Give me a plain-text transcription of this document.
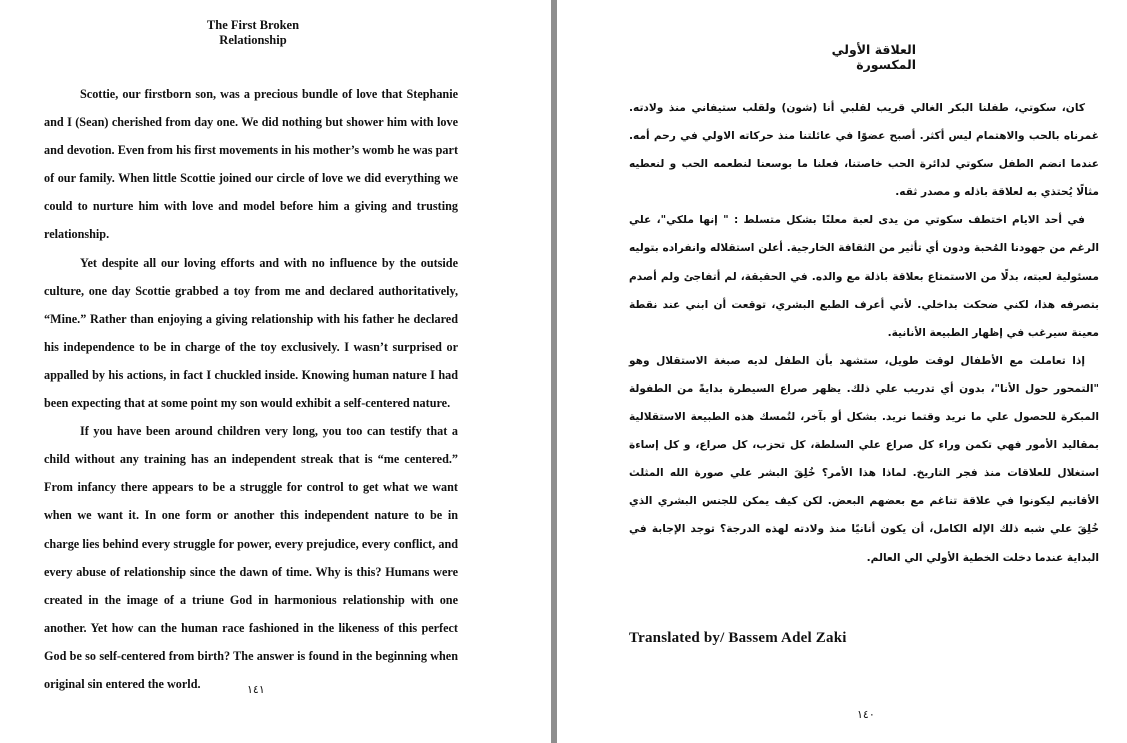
The First Broken
Relationship

Scottie, our firstborn son, was a precious bundle of love that Stephanie and I (Sean) cherished from day one. We did nothing but shower him with love and devotion. Even from his first movements in his mother’s womb he was part of our family. When little Scottie joined our circle of love we did everything we could to nurture him with love and model before him a giving and trusting relationship.

Yet despite all our loving efforts and with no influence by the outside culture, one day Scottie grabbed a toy from me and declared authoritatively, “Mine.” Rather than enjoying a giving relationship with his father he declared his independence to be in charge of the toy exclusively. I wasn’t surprised or appalled by his actions, in fact I chuckled inside. Knowing human nature I had been expecting that at some point my son would exhibit a self-centered nature.

If you have been around children very long, you too can testify that a child without any training has an independent streak that is “me centered.” From infancy there appears to be a struggle for control to get what we want when we want it. In one form or another this independent nature to be in charge lies behind every struggle for power, every prejudice, every conflict, and every abuse of relationship since the dawn of time. Why is this? Humans were created in the image of a triune God in harmonious relationship with one another. Yet how can the human race fashioned in the likeness of this perfect God be so self-centered from birth? The answer is found in the beginning when original sin entered the world.	١٤١
العلاقة الأولي المكسورة

كان، سكوتي، طفلنا البكر الغالي قريب لقلبي أنا (شون) ولقلب ستيفاني منذ ولادته. غمرناه بالحب والاهتمام ليس أكثر. أصبح عضوًا في عائلتنا منذ حركاته الاولي في رحم أمه. عندما انضم الطفل سكوتي لدائرة الحب خاصتنا، فعلنا ما بوسعنا لنطعمه الحب و لنعطيه مثالًا يُحتذي به لعلاقة باذله و مصدر ثقه.

في أحد الايام اختطف سكوتي من يدى لعبة معلنًا بشكل متسلط : " إنها ملكي"، علي الرغم من جهودنا المُحبة ودون أي تأثير من الثقافة الخارجية. أعلن استقلاله وانفراده بتوليه مسئولية لعبته، بدلًا من الاستمتاع بعلاقة باذلة مع والده. في الحقيقة، لم أتفاجئ ولم أصدم بتصرفه هذا، لكني ضحكت بداخلي. لأني أعرف الطبع البشري، توقعت أن ابني عند نقطة معينة سيرغب في إظهار الطبيعة الأنانية.

إذا تعاملت مع الأطفال لوقت طويل، ستشهد بأن الطفل لديه صبغة الاستقلال وهو "التمحور حول الأنا"، بدون أي تدريب علي ذلك. يظهر صراع السيطرة بدايةً من الطفولة المبكرة للحصول علي ما نريد وقتما نريد. بشكل أو بآخر، لتُمسك هذه الطبيعة الاستقلالية بمقاليد الأمور فهي تكمن وراء كل صراع علي السلطة، كل تحزب، كل صراع، و كل إساءة استغلال للعلاقات منذ فجر التاريخ. لماذا هذا الأمر؟ خُلِقَ البشر علي صورة الله المثلث الأقانيم ليكونوا في علاقة تناغم مع بعضهم البعض. لكن كيف يمكن للجنس البشري الذي خُلِقَ علي شبه ذلك الإله الكامل، أن يكون أنانيًا منذ ولادته لهذه الدرجة؟ توجد الإجابة في البداية عندما دخلت الخطية الأولي الي العالم.

Translated by/ Bassem Adel Zaki
١٤٠
